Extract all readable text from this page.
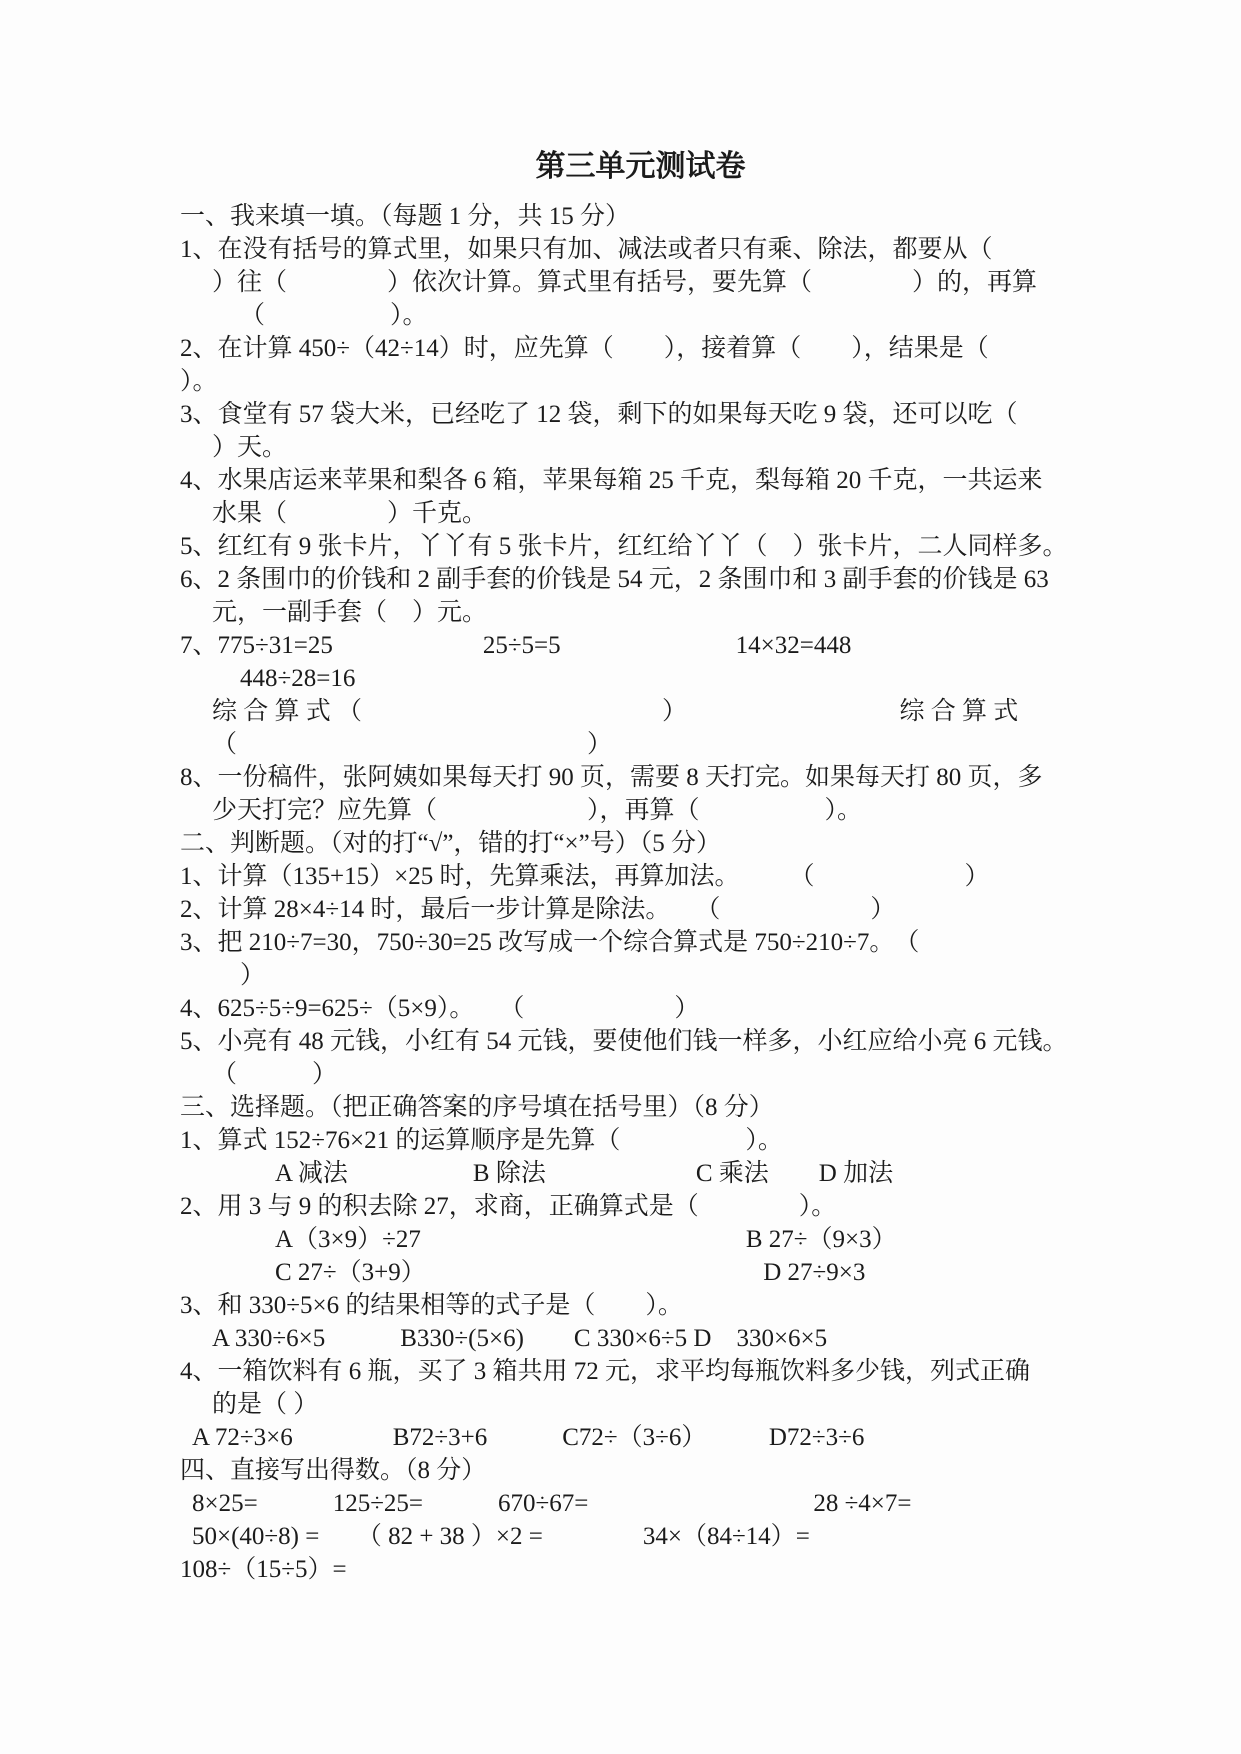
第三单元测试卷
一、我来填一填。（每题 1 分，共 15 分）
1、在没有括号的算式里，如果只有加、减法或者只有乘、除法，都要从（
）往（　　　　）依次计算。算式里有括号，要先算（　　　　）的，再算
（　　　　　）。
2、在计算 450÷（42÷14）时，应先算（　　），接着算（　　），结果是（
）。
3、食堂有 57 袋大米，已经吃了 12 袋，剩下的如果每天吃 9 袋，还可以吃（
）天。
4、水果店运来苹果和梨各 6 箱，苹果每箱 25 千克，梨每箱 20 千克，一共运来
水果（　　　　）千克。
5、红红有 9 张卡片，丫丫有 5 张卡片，红红给丫丫（　）张卡片，二人同样多。
6、2 条围巾的价钱和 2 副手套的价钱是 54 元，2 条围巾和 3 副手套的价钱是 63
元，一副手套（　）元。
7、775÷31=25　　　　　　25÷5=5　　　　　　　14×32=448
448÷28=16
综 合 算 式 （　　　　　　　　　　　　）　　　　　　　　　综 合 算 式
（　　　　　　　　　　　　　　）
8、一份稿件，张阿姨如果每天打 90 页，需要 8 天打完。如果每天打 80 页，多
少天打完？应先算（　　　　　　），再算（　　　　　）。
二、判断题。（对的打“√”，错的打“×”号）（5 分）
1、计算（135+15）×25 时，先算乘法，再算加法。　　　（　　　　　　）
2、计算 28×4÷14 时，最后一步计算是除法。　　（　　　　　　）
3、把 210÷7=30，750÷30=25 改写成一个综合算式是 750÷210÷7。　（
）
4、625÷5÷9=625÷（5×9）。　　（　　　　　　）
5、小亮有 48 元钱，小红有 54 元钱，要使他们钱一样多，小红应给小亮 6 元钱。
（　　　）
三、选择题。（把正确答案的序号填在括号里）（8 分）
1、算式 152÷76×21 的运算顺序是先算（　　　　　）。
A 减法　　　　　B 除法　　　　　　C 乘法　　D 加法
2、用 3 与 9 的积去除 27，求商，正确算式是（　　　　）。
A（3×9）÷27　　　　　　　　　　　　　B 27÷（9×3）
C 27÷（3+9）　　　　　　　　　　　　　　D 27÷9×3
3、和 330÷5×6 的结果相等的式子是（　　）。
A 330÷6×5　　　B330÷(5×6)　　C 330×6÷5 D　330×6×5
4、一箱饮料有 6 瓶，买了 3 箱共用 72 元，求平均每瓶饮料多少钱，列式正确
的是（ ）
A 72÷3×6　　　　B72÷3+6　　　C72÷（3÷6）　　　D72÷3÷6
四、直接写出得数。（8 分）
8×25=　　　125÷25=　　　670÷67=　　　　　　　　　28 ÷4×7=
50×(40÷8) =　　（ 82 + 38 ）×2 =　　　　34×（84÷14）=
108÷（15÷5）=
